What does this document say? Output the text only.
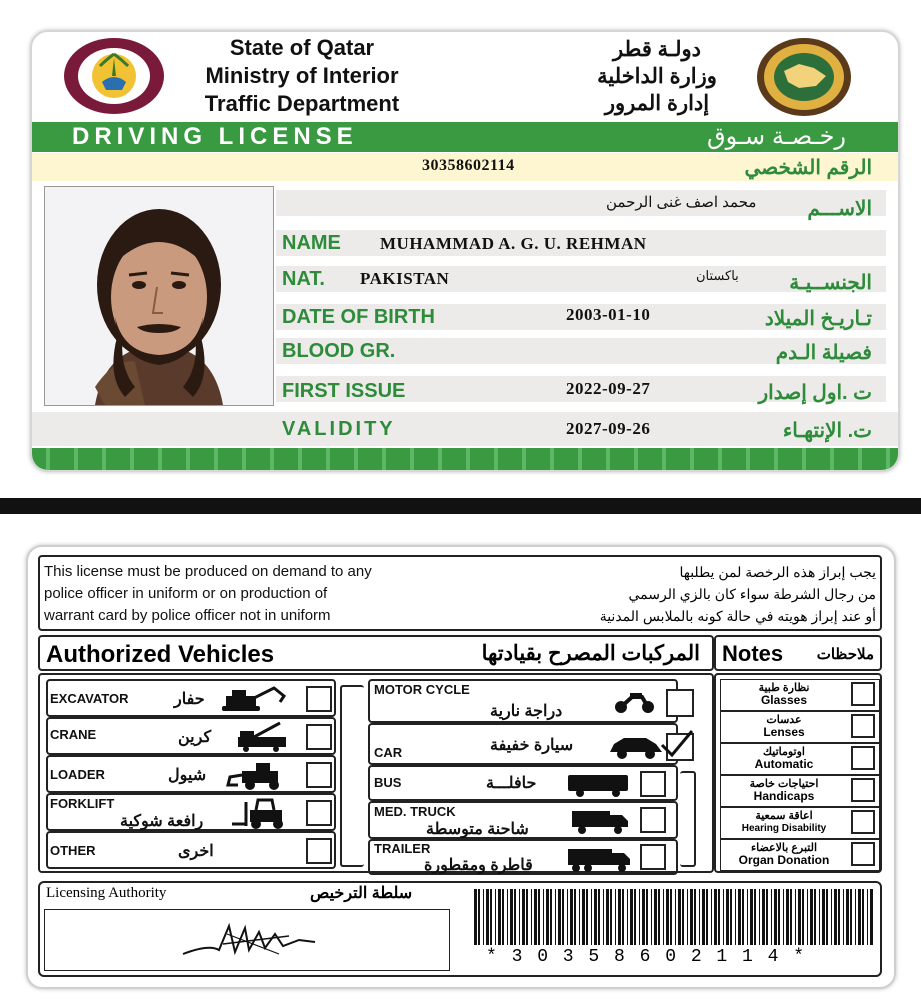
State of Qatar
Ministry of Interior
Traffic Department
دولـة قطر
وزارة الداخلية
إدارة المرور
DRIVING LICENSE	رخـصـة سـوق
30358602114	الرقم الشخصي
محمد اصف غنى الرحمن	الاســـم
NAME MUHAMMAD A. G. U. REHMAN
NAT. PAKISTAN	باكستان	الجنســيـة
DATE OF BIRTH	2003-01-10	تـاريـخ الميلاد
BLOOD GR.	فصيلة الـدم
FIRST ISSUE	2022-09-27	ت .اول إصدار
VALIDITY	2027-09-26	ت. الإنتهـاء
This license must be produced on demand to any
police officer in uniform or on production of
warrant card by police officer not in uniform
يجب إبراز هذه الرخصة لمن يطلبها
من رجال الشرطة سواء كان بالزي الرسمي
أو عند إبراز هويته في حالة كونه بالملابس المدنية
Authorized Vehicles	المركبات المصرح بقيادتها Notes ملاحظات
EXCAVATOR	حفار
CRANE	كرين
LOADER	شيول
FORKLIFT
رافعة شوكية
OTHER	اخرى
MOTOR CYCLE
دراجة نارية
CAR	سيارة خفيفة
BUS	حافلـــة
MED. TRUCK
شاحنة متوسطة
TRAILER
قاطرة ومقطورة
نظارة طبية
Glasses
عدسات
Lenses
اوتوماتيك
Automatic
احتياجات خاصة
Handicaps
اعاقة سمعية
Hearing Disability
التبرع بالاعضاء
Organ Donation
Licensing Authority	سلطة الترخيص
* 3 0 3 5 8 6 0 2 1 1 4 *
